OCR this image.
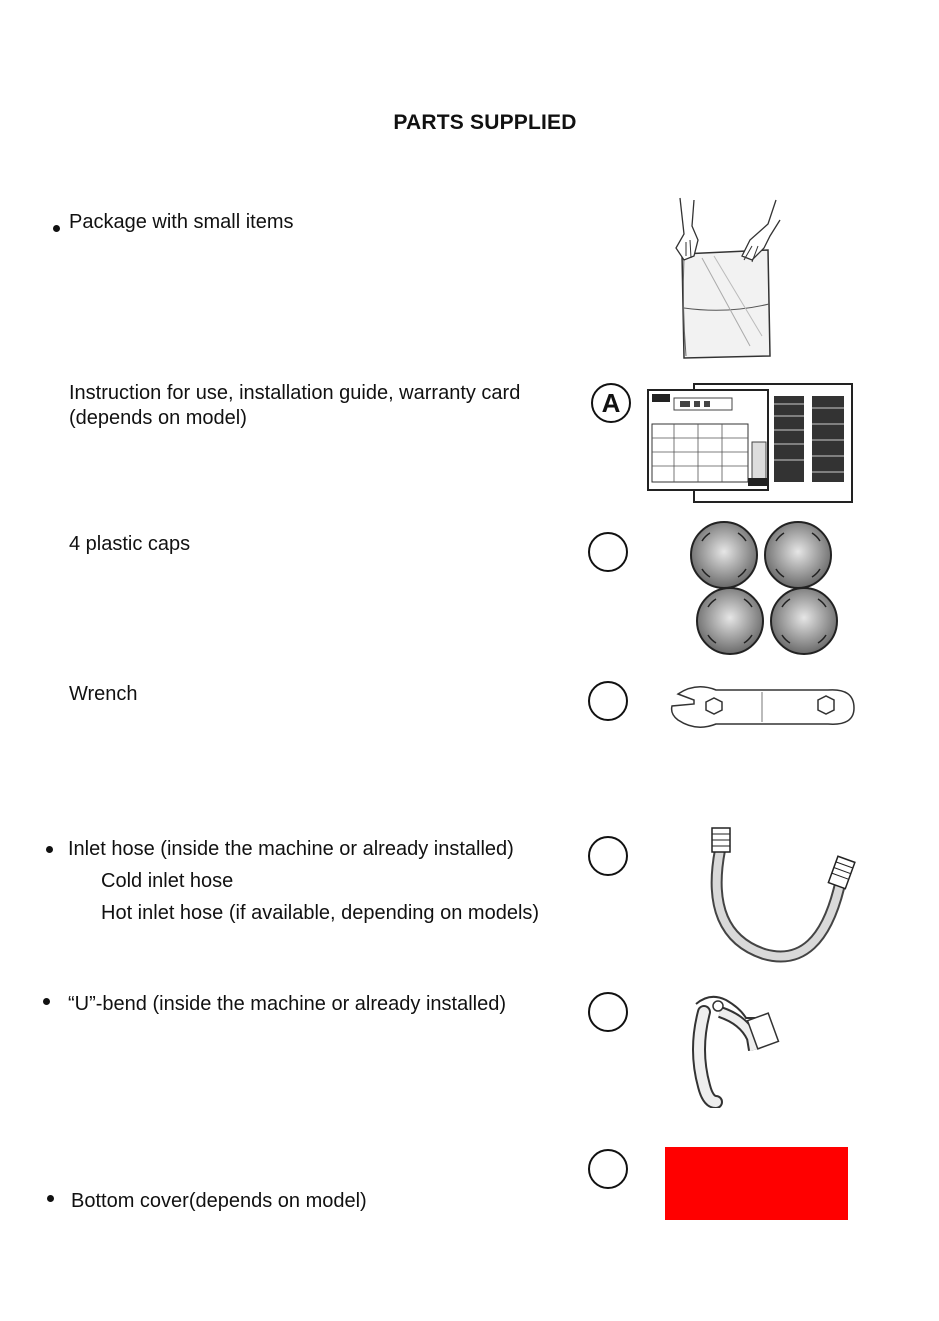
PARTS SUPPLIED
Package with small items
Instruction for use, installation guide, warranty card
(depends on model)
A
4 plastic caps
Wrench
Inlet hose (inside the machine or already installed)
Cold inlet hose
Hot inlet hose (if available, depending on models)
“U”-bend (inside the machine or already installed)
Bottom cover(depends on model)
